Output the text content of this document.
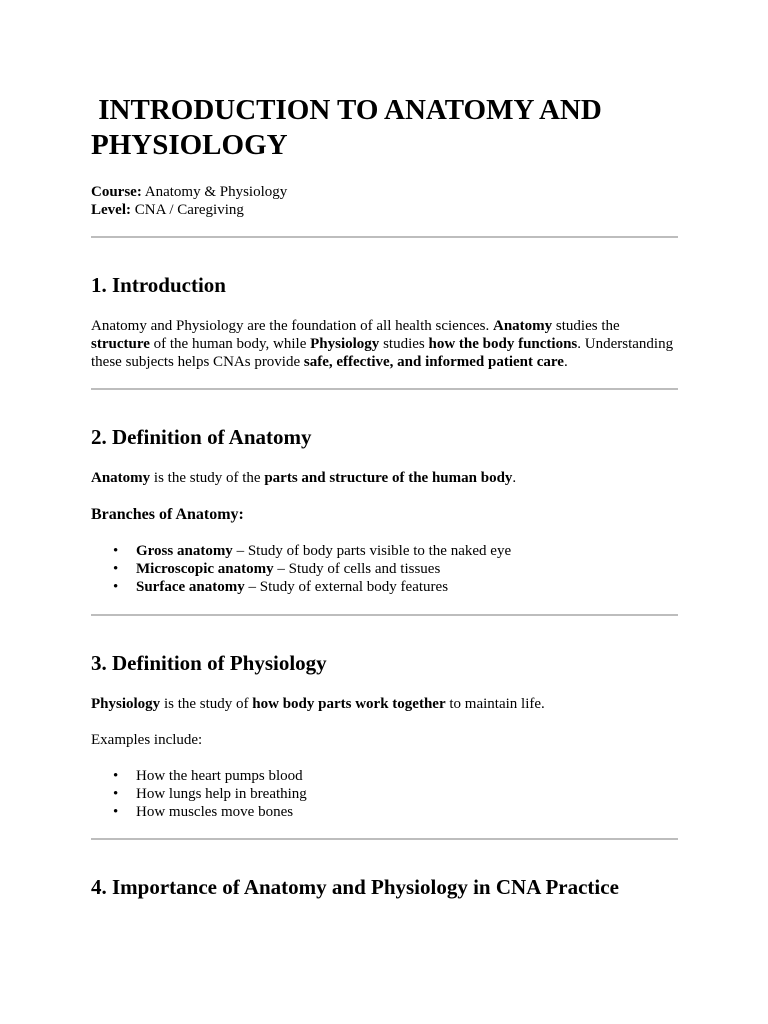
INTRODUCTION TO ANATOMY AND PHYSIOLOGY
Course: Anatomy & Physiology
Level: CNA / Caregiving
1. Introduction

Anatomy and Physiology are the foundation of all health sciences. Anatomy studies the structure of the human body, while Physiology studies how the body functions. Understanding these subjects helps CNAs provide safe, effective, and informed patient care.

2. Definition of Anatomy

Anatomy is the study of the parts and structure of the human body.

Branches of Anatomy:
• Gross anatomy – Study of body parts visible to the naked eye
• Microscopic anatomy – Study of cells and tissues
• Surface anatomy – Study of external body features
3. Definition of Physiology

Physiology is the study of how body parts work together to maintain life.

Examples include:

• How the heart pumps blood
• How lungs help in breathing
• How muscles move bones
4. Importance of Anatomy and Physiology in CNA Practice
